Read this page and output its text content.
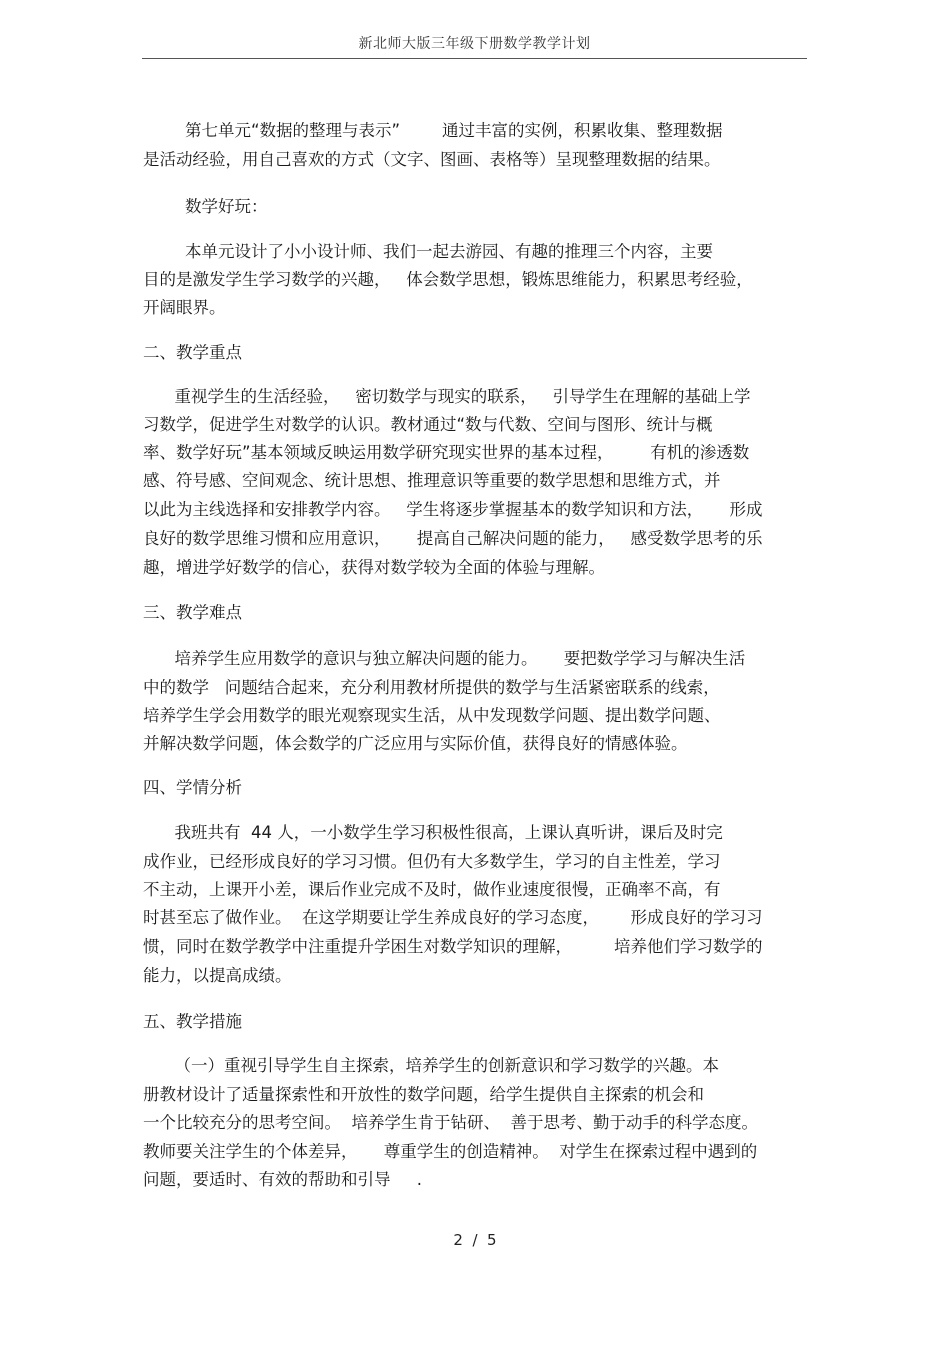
新北师大版三年级下册数学教学计划
第七单元“数据的整理与表示”        通过丰富的实例，积累收集、整理数据
是活动经验，用自己喜欢的方式（文字、图画、表格等）呈现整理数据的结果。
数学好玩：
本单元设计了小小设计师、我们一起去游园、有趣的推理三个内容，主要
目的是激发学生学习数学的兴趣，   体会数学思想，锻炼思维能力，积累思考经验，
开阔眼界。
二、教学重点
重视学生的生活经验，   密切数学与现实的联系，   引导学生在理解的基础上学
习数学，促进学生对数学的认识。教材通过“数与代数、空间与图形、统计与概
率、数学好玩”基本领域反映运用数学研究现实世界的基本过程，       有机的渗透数
感、符号感、空间观念、统计思想、推理意识等重要的数学思想和思维方式，并
以此为主线选择和安排教学内容。   学生将逐步掌握基本的数学知识和方法，     形成
良好的数学思维习惯和应用意识，     提高自己解决问题的能力，   感受数学思考的乐
趣，增进学好数学的信心，获得对数学较为全面的体验与理解。
三、教学难点
培养学生应用数学的意识与独立解决问题的能力。     要把数学学习与解决生活
中的数学   问题结合起来，充分利用教材所提供的数学与生活紧密联系的线索，
培养学生学会用数学的眼光观察现实生活，从中发现数学问题、提出数学问题、
并解决数学问题，体会数学的广泛应用与实际价值，获得良好的情感体验。
四、学情分析
我班共有  44 人，一小数学生学习积极性很高，上课认真听讲，课后及时完
成作业，已经形成良好的学习习惯。但仍有大多数学生，学习的自主性差，学习
不主动，上课开小差，课后作业完成不及时，做作业速度很慢，正确率不高，有
时甚至忘了做作业。  在这学期要让学生养成良好的学习态度，      形成良好的学习习
惯，同时在数学教学中注重提升学困生对数学知识的理解，        培养他们学习数学的
能力，以提高成绩。
五、教学措施
（一）重视引导学生自主探索，培养学生的创新意识和学习数学的兴趣。本
册教材设计了适量探索性和开放性的数学问题，给学生提供自主探索的机会和
一个比较充分的思考空间。  培养学生肯于钻研、  善于思考、勤于动手的科学态度。
教师要关注学生的个体差异，     尊重学生的创造精神。  对学生在探索过程中遇到的
问题，要适时、有效的帮助和引导     .
2  /  5
